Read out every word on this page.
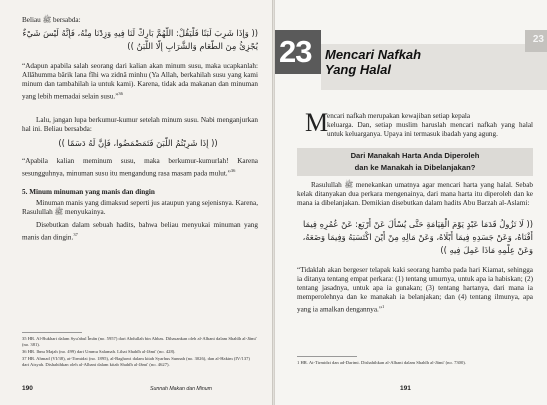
Beliau ﷺ bersabda:
(( وَإِذَا شَرِبَ لَبَنًا فَلْيَقُلْ: اللَّهُمَّ بَارِكْ لَنَا فِيهِ وَزِدْنَا مِنْهُ، فَإِنَّهُ لَيْسَ شَيْءٌ
يُجْزِئُ مِنَ الطَّعَامِ وَالشَّرَابِ إِلَّا اللَّبَنُ ))
“Adapun apabila salah seorang dari kalian akan minum susu, maka ucapkanlah: Allâhumma bârik lana fîhi wa zidnâ minhu (Ya Allah, berkahilah susu yang kami minum dan tambahilah ia untuk kami). Karena, tidak ada makanan dan minuman yang lebih memadai selain susu.”$^{36}$
Lalu, jangan lupa berkumur-kumur setelah minum susu. Nabi menganjurkan hal ini. Beliau bersabda:
(( إِذَا شَرِبْتُمُ اللَّبَنَ فَتَمَضْمَضُوا، فَإِنَّ لَهُ دَسَمًا ))
“Apabila kalian meminum susu, maka berkumur-kumurlah! Karena sesungguhnya, minuman susu itu mengandung rasa masam pada mulut.”$^{36}$
5. Minum minuman yang manis dan dingin
Minuman manis yang dimaksud seperti jus ataupun yang sejenisnya. Karena, Rasulullah ﷺ menyukainya.
Disebutkan dalam sebuah hadits, bahwa beliau menyukai minuman yang manis dan dingin.$^{37}$
35 HR. Al-Bukhari dalam Syu'abul Îmân (no. 5957) dari Abdullah bin Abbas. Dihasankan oleh al-Albani dalam Shahîh al-Jâmi' (no. 381).
36 HR. Ibnu Majah (no. 499) dari Ummu Salamah. Lihat Shahîh al-Jâmi' (no. 428).
37 HR. Ahmad (VI/38), at-Tirmidzi (no. 1895), al-Baghawi dalam kitab Syarhus Sunnah (no. 3026), dan al-Hakim (IV/137) dari Aisyah. Dishahihkan oleh al-Albani dalam kitab Shahîh al-Jâmi' (no. 4627).
190	Sunnah Makan dan Minum
23 Mencari Nafkah
Yang Halal
23
M
encari nafkah merupakan kewajiban setiap kepala
keluarga. Dan, setiap muslim haruslah mencari nafkah yang halal untuk keluarganya. Upaya ini termasuk ibadah yang agung.
Dari Manakah Harta Anda Diperoleh
dan ke Manakah ia Dibelanjakan?
Rasulullah ﷺ menekankan umatnya agar mencari harta yang halal. Sebab kelak ditanyakan dua perkara mengenainya, dari mana harta itu diperoleh dan ke mana ia dibelanjakan. Demikian disebutkan dalam hadits Abu Barzah al-Aslami:
(( لَا تَزُولُ قَدَمَا عَبْدٍ يَوْمَ الْقِيَامَةِ حَتَّى يُسْأَلَ عَنْ أَرْبَعٍ: عَنْ عُمُرِهِ فِيمَا
أَفْنَاهُ، وَعَنْ جَسَدِهِ فِيمَا أَبْلَاهُ، وَعَنْ مَالِهِ مِنْ أَيْنَ اكْتَسَبَهُ وَفِيمَا وَضَعَهُ،
وَعَنْ عِلْمِهِ مَاذَا عَمِلَ فِيهِ ))
“Tidaklah akan bergeser telapak kaki seorang hamba pada hari Kiamat, sehingga ia ditanya tentang empat perkara: (1) tentang umurnya, untuk apa ia habiskan; (2) tentang jasadnya, untuk apa ia gunakan; (3) tentang hartanya, dari mana ia memperolehnya dan ke manakah ia belanjakan; dan (4) tentang ilmunya, apa yang ia amalkan dengannya.”$^1$
1 HR. At-Tirmidzi dan ad-Darimi. Dishahihkan al-Albani dalam Shahîh al-Jâmi' (no. 7300).
191
